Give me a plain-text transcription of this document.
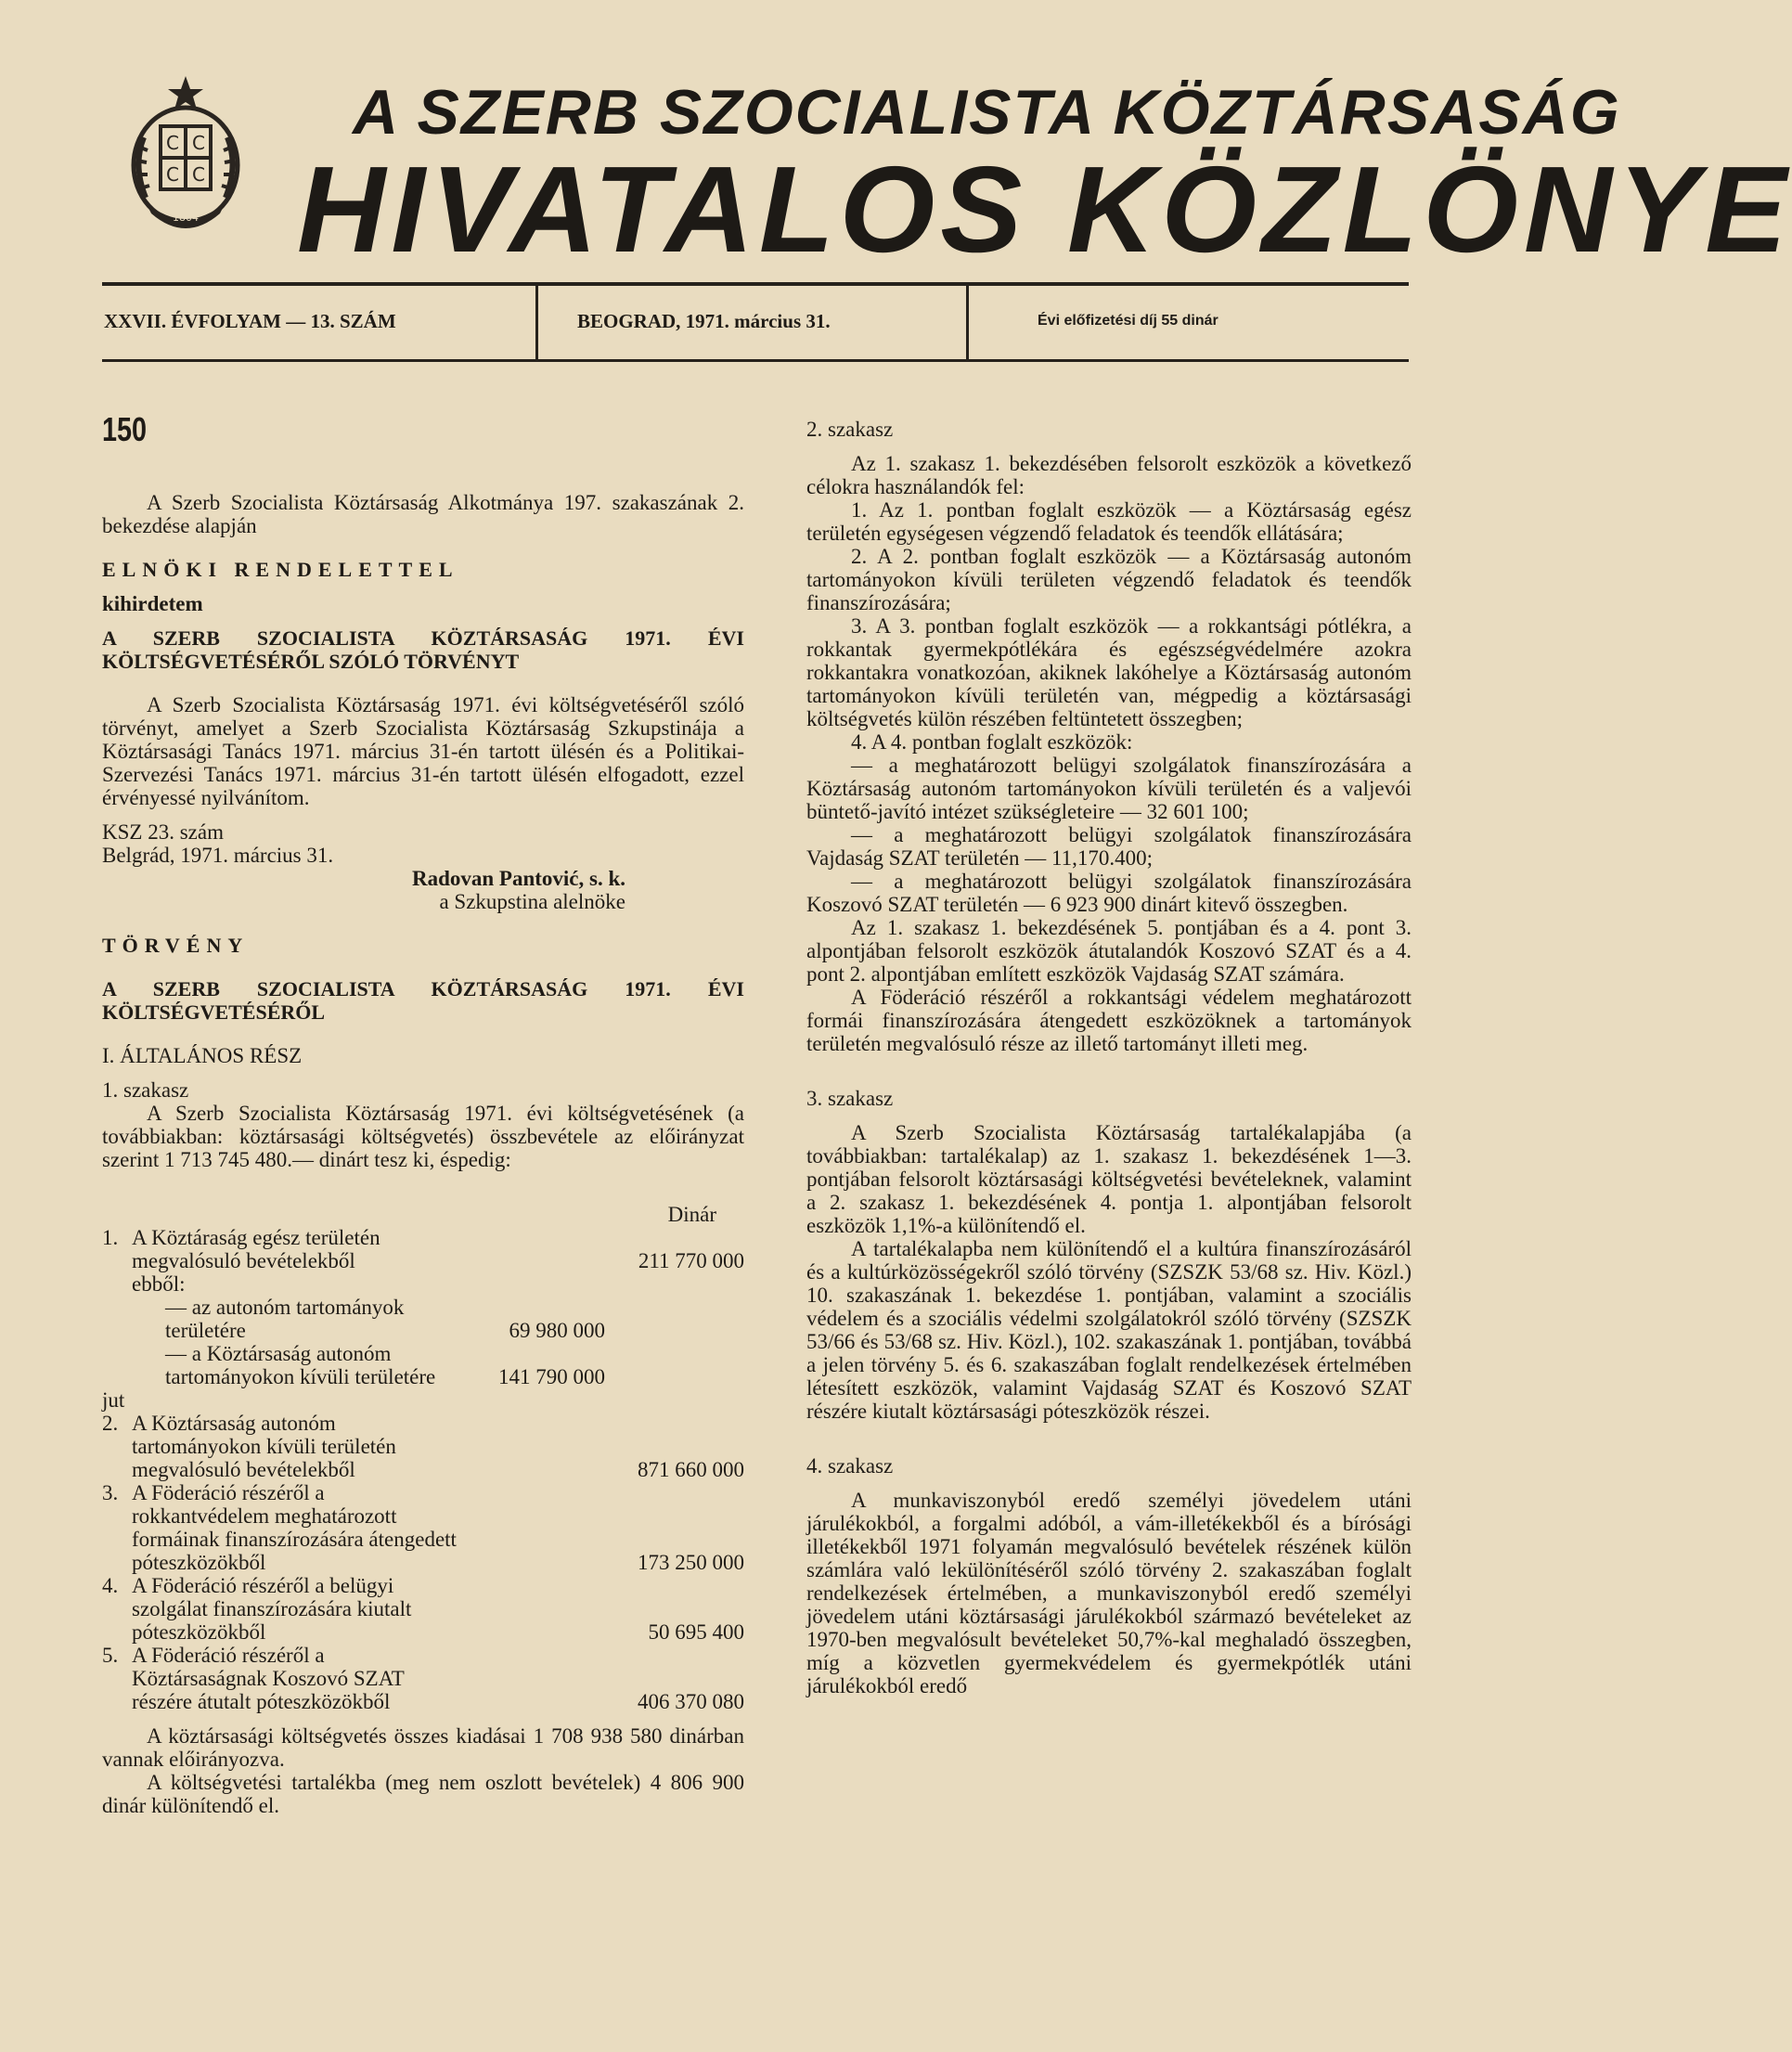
С С
С С
1804
A SZERB SZOCIALISTA KÖZTÁRSASÁG
HIVATALOS KÖZLÖNYE
XXVII. ÉVFOLYAM — 13. SZÁM	BEOGRAD, 1971. március 31.	Évi előfizetési díj 55 dinár
150

A Szerb Szocialista Köztársaság Alkotmánya 197. szakaszának 2. bekezdése alapján

ELNÖKI RENDELETTEL

kihirdetem

A SZERB SZOCIALISTA KÖZTÁRSASÁG 1971. ÉVI KÖLTSÉGVETÉSÉRŐL SZÓLÓ TÖRVÉNYT

A Szerb Szocialista Köztársaság 1971. évi költségvetéséről szóló törvényt, amelyet a Szerb Szocialista Köztársaság Szkupstinája a Köztársasági Tanács 1971. március 31-én tartott ülésén és a Politikai-Szervezési Tanács 1971. március 31-én tartott ülésén elfogadott, ezzel érvényessé nyilvánítom.

KSZ 23. szám

Belgrád, 1971. március 31.

Radovan Pantović, s. k.
a Szkupstina alelnöke

TÖRVÉNY

A SZERB SZOCIALISTA KÖZTÁRSASÁG 1971. ÉVI KÖLTSÉGVETÉSÉRŐL

I. ÁLTALÁNOS RÉSZ

1. szakasz

A Szerb Szocialista Köztársaság 1971. évi költségvetésének (a továbbiakban: köztársasági költségvetés) összbevétele az előirányzat szerint 1 713 745 480.— dinárt tesz ki, éspedig:

Dinár
1.	A Köztáraság egész területén megvalósuló bevételekből		211 770 000
	ebből:		
	— az autonóm tartományok területére	69 980 000	
	— a Köztársaság autonóm tartományokon kívüli területére	141 790 000	
jut			
2.	A Köztársaság autonóm tartományokon kívüli területén megvalósuló bevételekből		871 660 000
3.	A Föderáció részéről a rokkantvédelem meghatározott formáinak finanszírozására átengedett póteszközökből		173 250 000
4.	A Föderáció részéről a belügyi szolgálat finanszírozására kiutalt póteszközökből		50 695 400
5.	A Föderáció részéről a Köztársaságnak Koszovó SZAT részére átutalt póteszközökből		406 370 080

A köztársasági költségvetés összes kiadásai 1 708 938 580 dinárban vannak előirányozva.

A költségvetési tartalékba (meg nem oszlott bevételek) 4 806 900 dinár különítendő el.

2. szakasz

Az 1. szakasz 1. bekezdésében felsorolt eszközök a következő célokra használandók fel:

1. Az 1. pontban foglalt eszközök — a Köztársaság egész területén egységesen végzendő feladatok és teendők ellátására;

2. A 2. pontban foglalt eszközök — a Köztársaság autonóm tartományokon kívüli területen végzendő feladatok és teendők finanszírozására;

3. A 3. pontban foglalt eszközök — a rokkantsági pótlékra, a rokkantak gyermekpótlékára és egészségvédelmére azokra rokkantakra vonatkozóan, akiknek lakóhelye a Köztársaság autonóm tartományokon kívüli területén van, mégpedig a köztársasági költségvetés külön részében feltüntetett összegben;

4. A 4. pontban foglalt eszközök:

— a meghatározott belügyi szolgálatok finanszírozására a Köztársaság autonóm tartományokon kívüli területén és a valjevói büntető-javító intézet szükségleteire — 32 601 100;

— a meghatározott belügyi szolgálatok finanszírozására Vajdaság SZAT területén — 11,170.400;

— a meghatározott belügyi szolgálatok finanszírozására Koszovó SZAT területén — 6 923 900 dinárt kitevő összegben.

Az 1. szakasz 1. bekezdésének 5. pontjában és a 4. pont 3. alpontjában felsorolt eszközök átutalandók Koszovó SZAT és a 4. pont 2. alpontjában említett eszközök Vajdaság SZAT számára.

A Föderáció részéről a rokkantsági védelem meghatározott formái finanszírozására átengedett eszközöknek a tartományok területén megvalósuló része az illető tartományt illeti meg.

3. szakasz

A Szerb Szocialista Köztársaság tartalékalapjába (a továbbiakban: tartalékalap) az 1. szakasz 1. bekezdésének 1—3. pontjában felsorolt köztársasági költségvetési bevételeknek, valamint a 2. szakasz 1. bekezdésének 4. pontja 1. alpontjában felsorolt eszközök 1,1%-a különítendő el.

A tartalékalapba nem különítendő el a kultúra finanszírozásáról és a kultúrközösségekről szóló törvény (SZSZK 53/68 sz. Hiv. Közl.) 10. szakaszának 1. bekezdése 1. pontjában, valamint a szociális védelem és a szociális védelmi szolgálatokról szóló törvény (SZSZK 53/66 és 53/68 sz. Hiv. Közl.), 102. szakaszának 1. pontjában, továbbá a jelen törvény 5. és 6. szakaszában foglalt rendelkezések értelmében létesített eszközök, valamint Vajdaság SZAT és Koszovó SZAT részére kiutalt köztársasági póteszközök részei.

4. szakasz

A munkaviszonyból eredő személyi jövedelem utáni járulékokból, a forgalmi adóból, a vám-illetékekből és a bírósági illetékekből 1971 folyamán megvalósuló bevételek részének külön számlára való lekülönítéséről szóló törvény 2. szakaszában foglalt rendelkezések értelmében, a munkaviszonyból eredő személyi jövedelem utáni köztársasági járulékokból származó bevételeket az 1970-ben megvalósult bevételeket 50,7%-kal meghaladó összegben, míg a közvetlen gyermekvédelem és gyermekpótlék utáni járulékokból eredő
